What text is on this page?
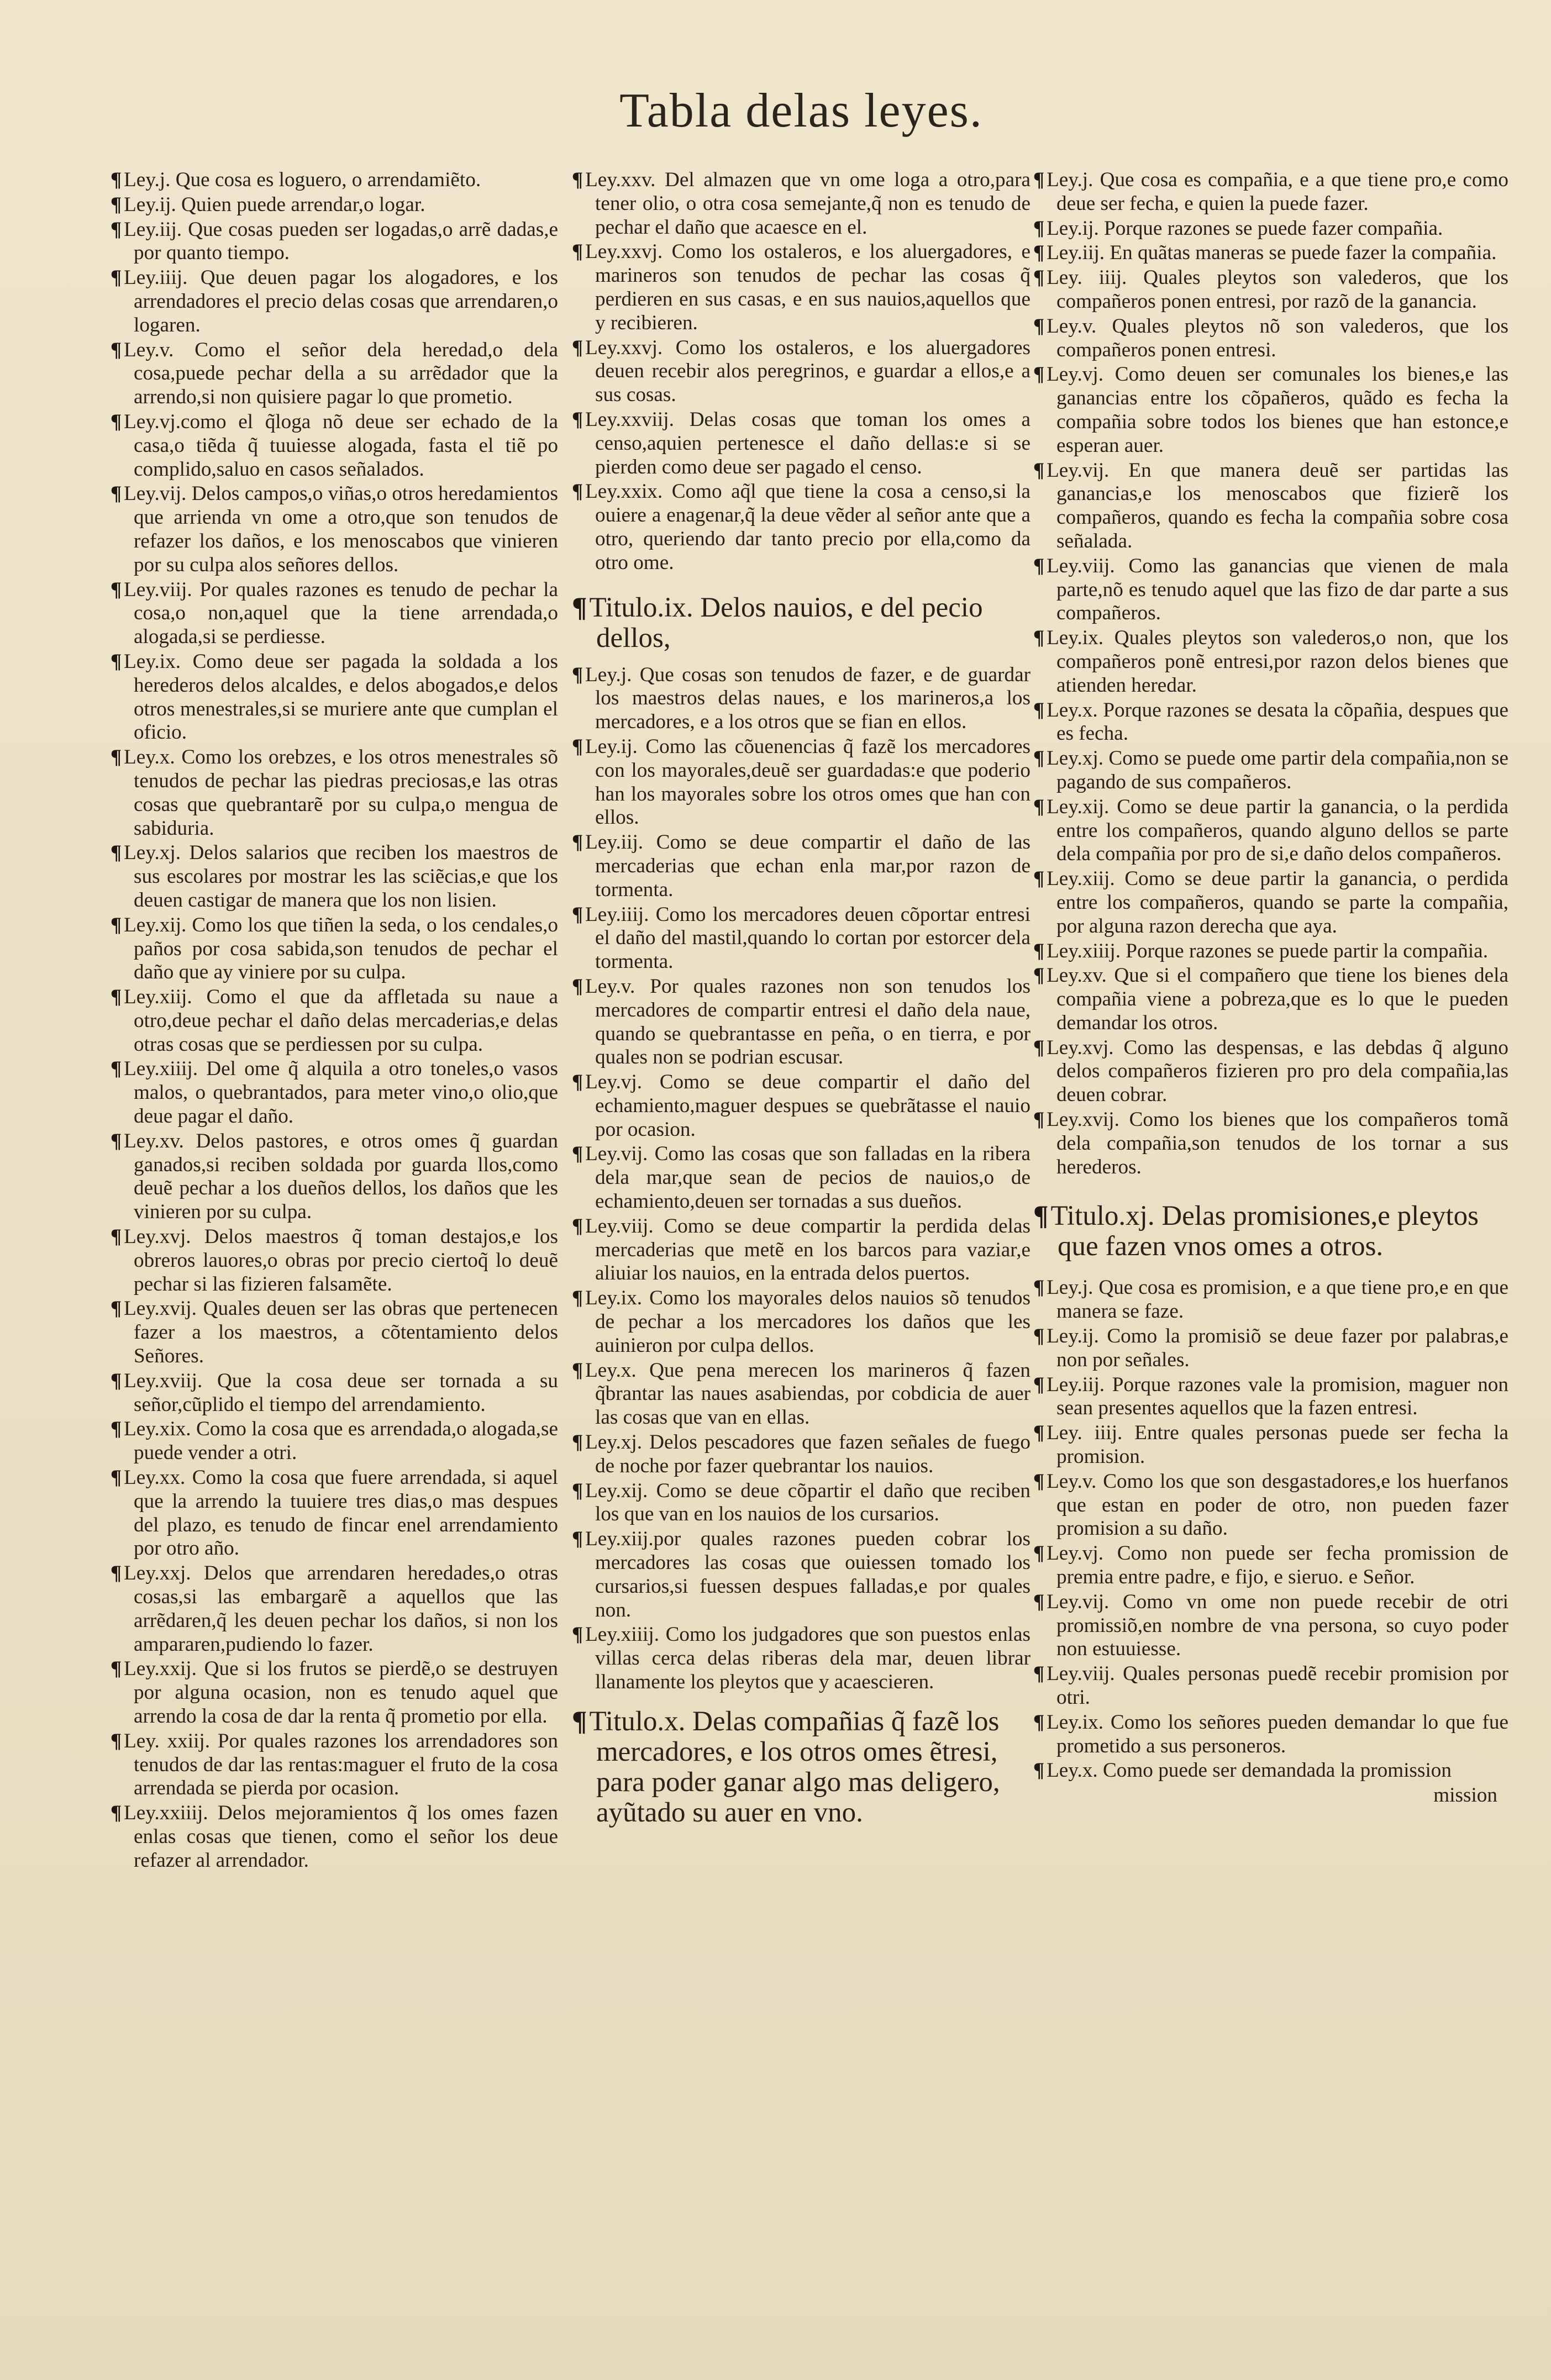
Tabla delas leyes.
¶ Ley.j. Que cosa es loguero, o arrendamiẽto.
¶ Ley.ij. Quien puede arrendar,o logar.
¶ Ley.iij. Que cosas pueden ser logadas,o arrẽ dadas,e por quanto tiempo.
¶ Ley.iiij. Que deuen pagar los alogadores, e los arrendadores el precio delas cosas que arrendaren,o logaren.
¶ Ley.v. Como el señor dela heredad,o dela cosa,puede pechar della a su arrẽdador que la arrendo,si non quisiere pagar lo que prometio.
¶ Ley.vj.como el q̃loga nõ deue ser echado de la casa,o tiẽda q̃ tuuiesse alogada, fasta el tiẽ po complido,saluo en casos señalados.
¶ Ley.vij. Delos campos,o viñas,o otros heredamientos que arrienda vn ome a otro,que son tenudos de refazer los daños, e los menoscabos que vinieren por su culpa alos señores dellos.
¶ Ley.viij. Por quales razones es tenudo de pechar la cosa,o non,aquel que la tiene arrendada,o alogada,si se perdiesse.
¶ Ley.ix. Como deue ser pagada la soldada a los herederos delos alcaldes, e delos abogados,e delos otros menestrales,si se muriere ante que cumplan el oficio.
¶ Ley.x. Como los orebzes, e los otros menestrales sõ tenudos de pechar las piedras preciosas,e las otras cosas que quebrantarẽ por su culpa,o mengua de sabiduria.
¶ Ley.xj. Delos salarios que reciben los maestros de sus escolares por mostrar les las sciẽcias,e que los deuen castigar de manera que los non lisien.
¶ Ley.xij. Como los que tiñen la seda, o los cendales,o paños por cosa sabida,son tenudos de pechar el daño que ay viniere por su culpa.
¶ Ley.xiij. Como el que da affletada su naue a otro,deue pechar el daño delas mercaderias,e delas otras cosas que se perdiessen por su culpa.
¶ Ley.xiiij. Del ome q̃ alquila a otro toneles,o vasos malos, o quebrantados, para meter vino,o olio,que deue pagar el daño.
¶ Ley.xv. Delos pastores, e otros omes q̃ guardan ganados,si reciben soldada por guarda llos,como deuẽ pechar a los dueños dellos, los daños que les vinieren por su culpa.
¶ Ley.xvj. Delos maestros q̃ toman destajos,e los obreros lauores,o obras por precio ciertoq̃ lo deuẽ pechar si las fizieren falsamẽte.
¶ Ley.xvij. Quales deuen ser las obras que pertenecen fazer a los maestros, a cõtentamiento delos Señores.
¶ Ley.xviij. Que la cosa deue ser tornada a su señor,cũplido el tiempo del arrendamiento.
¶ Ley.xix. Como la cosa que es arrendada,o alogada,se puede vender a otri.
¶ Ley.xx. Como la cosa que fuere arrendada, si aquel que la arrendo la tuuiere tres dias,o mas despues del plazo, es tenudo de fincar enel arrendamiento por otro año.
¶ Ley.xxj. Delos que arrendaren heredades,o otras cosas,si las embargarẽ a aquellos que las arrẽdaren,q̃ les deuen pechar los daños, si non los ampararen,pudiendo lo fazer.
¶ Ley.xxij. Que si los frutos se pierdẽ,o se destruyen por alguna ocasion, non es tenudo aquel que arrendo la cosa de dar la renta q̃ prometio por ella.
¶ Ley. xxiij. Por quales razones los arrendadores son tenudos de dar las rentas:maguer el fruto de la cosa arrendada se pierda por ocasion.
¶ Ley.xxiiij. Delos mejoramientos q̃ los omes fazen enlas cosas que tienen, como el señor los deue refazer al arrendador.
¶ Ley.xxv. Del almazen que vn ome loga a otro,para tener olio, o otra cosa semejante,q̃ non es tenudo de pechar el daño que acaesce en el.
¶ Ley.xxvj. Como los ostaleros, e los aluergadores, e marineros son tenudos de pechar las cosas q̃ perdieren en sus casas, e en sus nauios,aquellos que y recibieren.
¶ Ley.xxvj. Como los ostaleros, e los aluergadores deuen recebir alos peregrinos, e guardar a ellos,e a sus cosas.
¶ Ley.xxviij. Delas cosas que toman los omes a censo,aquien pertenesce el daño dellas:e si se pierden como deue ser pagado el censo.
¶ Ley.xxix. Como aq̃l que tiene la cosa a censo,si la ouiere a enagenar,q̃ la deue vẽder al señor ante que a otro, queriendo dar tanto precio por ella,como da otro ome.
¶Titulo.ix. Delos nauios, e del pecio dellos,
¶ Ley.j. Que cosas son tenudos de fazer, e de guardar los maestros delas naues, e los marineros,a los mercadores, e a los otros que se fian en ellos.
¶ Ley.ij. Como las cõuenencias q̃ fazẽ los mercadores con los mayorales,deuẽ ser guardadas:e que poderio han los mayorales sobre los otros omes que han con ellos.
¶ Ley.iij. Como se deue compartir el daño de las mercaderias que echan enla mar,por razon de tormenta.
¶ Ley.iiij. Como los mercadores deuen cõportar entresi el daño del mastil,quando lo cortan por estorcer dela tormenta.
¶ Ley.v. Por quales razones non son tenudos los mercadores de compartir entresi el daño dela naue, quando se quebrantasse en peña, o en tierra, e por quales non se podrian escusar.
¶ Ley.vj. Como se deue compartir el daño del echamiento,maguer despues se quebrãtasse el nauio por ocasion.
¶ Ley.vij. Como las cosas que son falladas en la ribera dela mar,que sean de pecios de nauios,o de echamiento,deuen ser tornadas a sus dueños.
¶ Ley.viij. Como se deue compartir la perdida delas mercaderias que metẽ en los barcos para vaziar,e aliuiar los nauios, en la entrada delos puertos.
¶ Ley.ix. Como los mayorales delos nauios sõ tenudos de pechar a los mercadores los daños que les auinieron por culpa dellos.
¶ Ley.x. Que pena merecen los marineros q̃ fazen q̃brantar las naues asabiendas, por cobdicia de auer las cosas que van en ellas.
¶ Ley.xj. Delos pescadores que fazen señales de fuego de noche por fazer quebrantar los nauios.
¶ Ley.xij. Como se deue cõpartir el daño que reciben los que van en los nauios de los cursarios.
¶ Ley.xiij.por quales razones pueden cobrar los mercadores las cosas que ouiessen tomado los cursarios,si fuessen despues falladas,e por quales non.
¶ Ley.xiiij. Como los judgadores que son puestos enlas villas cerca delas riberas dela mar, deuen librar llanamente los pleytos que y acaescieren.
¶Titulo.x. Delas compañias q̃ fazẽ los mercadores, e los otros omes ẽtresi, para poder ganar algo mas deligero, ayũtado su auer en vno.
¶ Ley.j. Que cosa es compañia, e a que tiene pro,e como deue ser fecha, e quien la puede fazer.
¶ Ley.ij. Porque razones se puede fazer compañia.
¶ Ley.iij. En quãtas maneras se puede fazer la compañia.
¶ Ley. iiij. Quales pleytos son valederos, que los compañeros ponen entresi, por razõ de la ganancia.
¶ Ley.v. Quales pleytos nõ son valederos, que los compañeros ponen entresi.
¶ Ley.vj. Como deuen ser comunales los bienes,e las ganancias entre los cõpañeros, quãdo es fecha la compañia sobre todos los bienes que han estonce,e esperan auer.
¶ Ley.vij. En que manera deuẽ ser partidas las ganancias,e los menoscabos que fizierẽ los compañeros, quando es fecha la compañia sobre cosa señalada.
¶ Ley.viij. Como las ganancias que vienen de mala parte,nõ es tenudo aquel que las fizo de dar parte a sus compañeros.
¶ Ley.ix. Quales pleytos son valederos,o non, que los compañeros ponẽ entresi,por razon delos bienes que atienden heredar.
¶ Ley.x. Porque razones se desata la cõpañia, despues que es fecha.
¶ Ley.xj. Como se puede ome partir dela compañia,non se pagando de sus compañeros.
¶ Ley.xij. Como se deue partir la ganancia, o la perdida entre los compañeros, quando alguno dellos se parte dela compañia por pro de si,e daño delos compañeros.
¶ Ley.xiij. Como se deue partir la ganancia, o perdida entre los compañeros, quando se parte la compañia, por alguna razon derecha que aya.
¶ Ley.xiiij. Porque razones se puede partir la compañia.
¶ Ley.xv. Que si el compañero que tiene los bienes dela compañia viene a pobreza,que es lo que le pueden demandar los otros.
¶ Ley.xvj. Como las despensas, e las debdas q̃ alguno delos compañeros fizieren pro pro dela compañia,las deuen cobrar.
¶ Ley.xvij. Como los bienes que los compañeros tomã dela compañia,son tenudos de los tornar a sus herederos.
¶Titulo.xj. Delas promisiones,e pleytos que fazen vnos omes a otros.
¶ Ley.j. Que cosa es promision, e a que tiene pro,e en que manera se faze.
¶ Ley.ij. Como la promisiõ se deue fazer por palabras,e non por señales.
¶ Ley.iij. Porque razones vale la promision, maguer non sean presentes aquellos que la fazen entresi.
¶ Ley. iiij. Entre quales personas puede ser fecha la promision.
¶ Ley.v. Como los que son desgastadores,e los huerfanos que estan en poder de otro, non pueden fazer promision a su daño.
¶ Ley.vj. Como non puede ser fecha promission de premia entre padre, e fijo, e sieruo. e Señor.
¶ Ley.vij. Como vn ome non puede recebir de otri promissiõ,en nombre de vna persona, so cuyo poder non estuuiesse.
¶ Ley.viij. Quales personas puedẽ recebir promision por otri.
¶ Ley.ix. Como los señores pueden demandar lo que fue prometido a sus personeros.
¶ Ley.x. Como puede ser demandada la promission
mission
